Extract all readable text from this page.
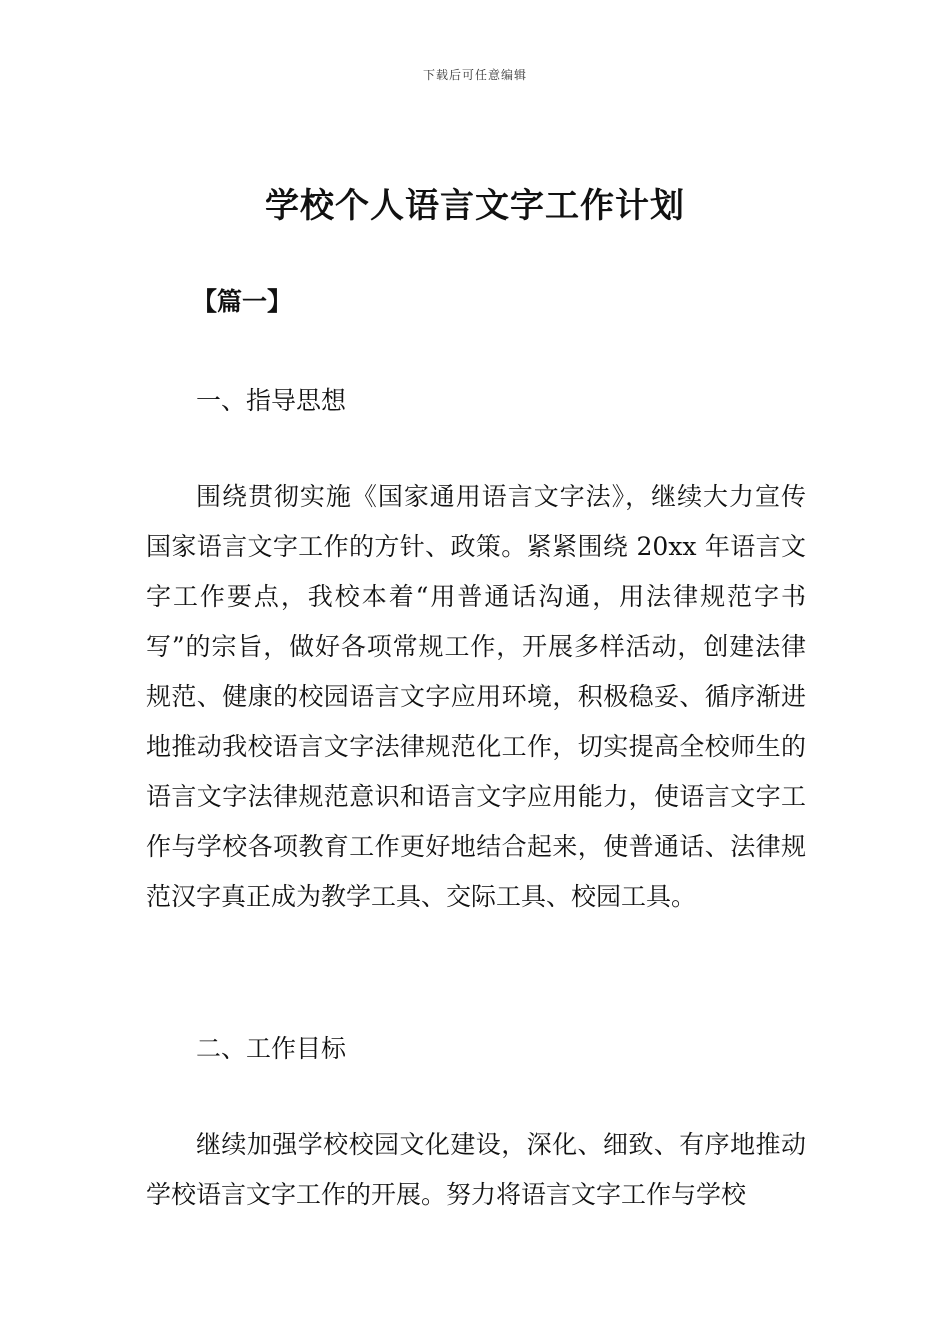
下载后可任意编辑
学校个人语言文字工作计划
【篇一】
一、指导思想

围绕贯彻实施《国家通用语言文字法》，继续大力宣传国家语言文字工作的方针、政策。紧紧围绕 20xx 年语言文字工作要点，我校本着“用普通话沟通，用法律规范字书写”的宗旨，做好各项常规工作，开展多样活动，创建法律规范、健康的校园语言文字应用环境，积极稳妥、循序渐进地推动我校语言文字法律规范化工作，切实提高全校师生的语言文字法律规范意识和语言文字应用能力，使语言文字工作与学校各项教育工作更好地结合起来，使普通话、法律规范汉字真正成为教学工具、交际工具、校园工具。

二、工作目标

继续加强学校校园文化建设，深化、细致、有序地推动学校语言文字工作的开展。努力将语言文字工作与学校
